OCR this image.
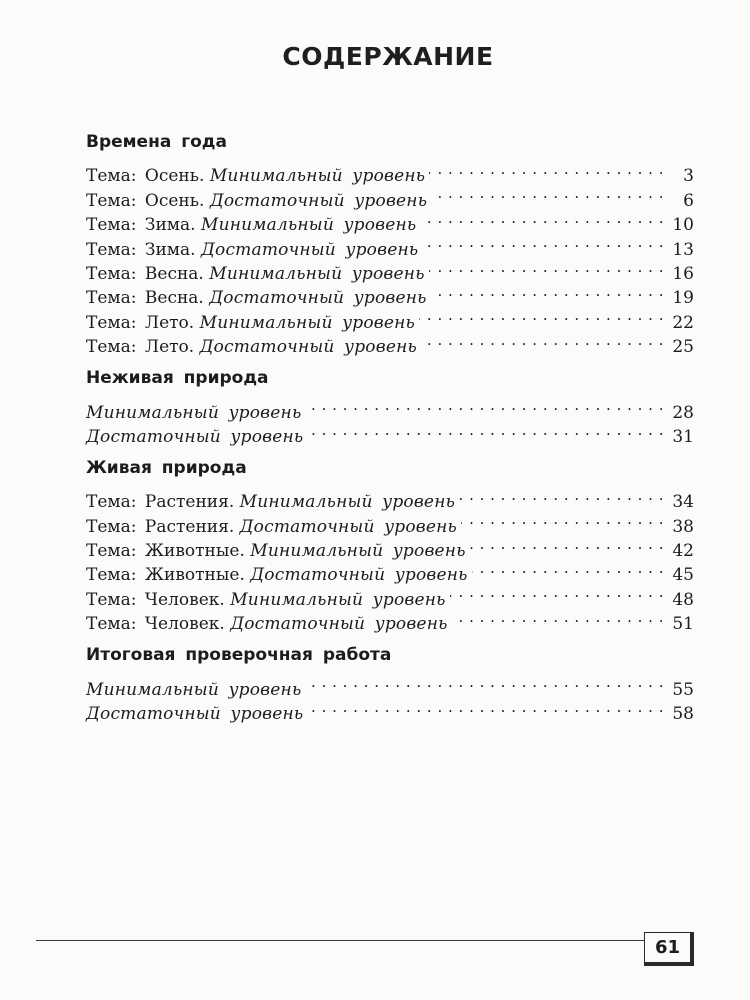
СОДЕРЖАНИЕ
Времена года
Тема: Осень. Минимальный уровень . . .	3
Тема: Осень. Достаточный уровень . . .	6
Тема: Зима. Минимальный уровень . . .	10
Тема: Зима. Достаточный уровень . . .	13
Тема: Весна. Минимальный уровень . . .	16
Тема: Весна. Достаточный уровень . . .	19
Тема: Лето. Минимальный уровень . . .	22
Тема: Лето. Достаточный уровень . . .	25
Неживая природа
Минимальный уровень . . .	28
Достаточный уровень . . .	31
Живая природа
Тема: Растения. Минимальный уровень . . .	34
Тема: Растения. Достаточный уровень . . .	38
Тема: Животные. Минимальный уровень . . .	42
Тема: Животные. Достаточный уровень . . .	45
Тема: Человек. Минимальный уровень . . .	48
Тема: Человек. Достаточный уровень . . .	51
Итоговая проверочная работа
Минимальный уровень . . .	55
Достаточный уровень . . .	58
61
